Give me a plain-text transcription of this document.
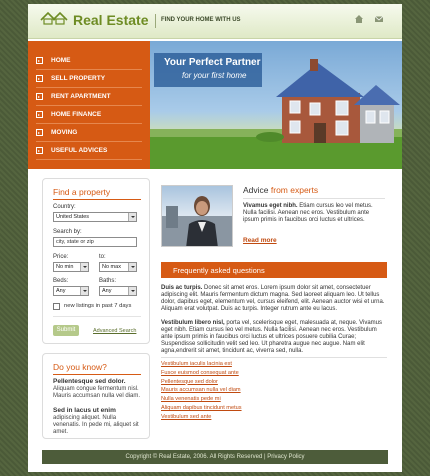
Real Estate FIND YOUR HOME WITH US
HOME
SELL PROPERTY
RENT APARTMENT
HOME FINANCE
MOVING
USEFUL ADVICES
Your Perfect Partner
for your first home
Find a property
Country:
United States
Search by:
city, state or zip
Price:	to:
No min	No max
Beds:	Baths:
Any	Any
new listings in past 7 days
Submit	Advanced Search
Do you know?
Pellentesque sed dolor.
Aliquam congue fermentum nisl. Mauris accumsan nulla vel diam.
Sed in lacus ut enim
adipiscing aliquet. Nulla venenatis. In pede mi, aliquet sit amet.
Advice from experts
Vivamus eget nibh. Etiam cursus leo vel metus. Nulla facilisi. Aenean nec eros. Vestibulum ante ipsum primis in faucibus orci luctus et ultrices.
Read more
Frequently asked questions
Duis ac turpis. Donec sit amet eros. Lorem ipsum dolor sit amet, consectetuer adipiscing elit. Mauris fermentum dictum magna. Sed laoreet aliquam leo. Ut tellus dolor, dapibus eget, elementum vel, cursus eleifend, elit. Aenean auctor wisi et urna. Aliquam erat volutpat. Duis ac turpis. Integer rutrum ante eu lacus.
Vestibulum libero nisl, porta vel, scelerisque eget, malesuada at, neque. Vivamus eget nibh. Etiam cursus leo vel metus. Nulla facilisi. Aenean nec eros. Vestibulum ante ipsum primis in faucibus orci luctus et ultrices posuere cubilia Curae; Suspendisse sollicitudin velit sed leo. Ut pharetra augue nec augue. Nam elit agna,endrerit sit amet, tincidunt ac, viverra sed, nulla.
Vestibulum iaculis lacinia est
Fusce euismod consequat ante
Pellentesque sed dolor
Mauris accumsan nulla vel diam
Nulla venenatis pede mi
Aliquam dapibus tincidunt metus
Vestibulum sed ante
Copyright © Real Estate, 2006. All Rights Reserved | Privacy Policy
